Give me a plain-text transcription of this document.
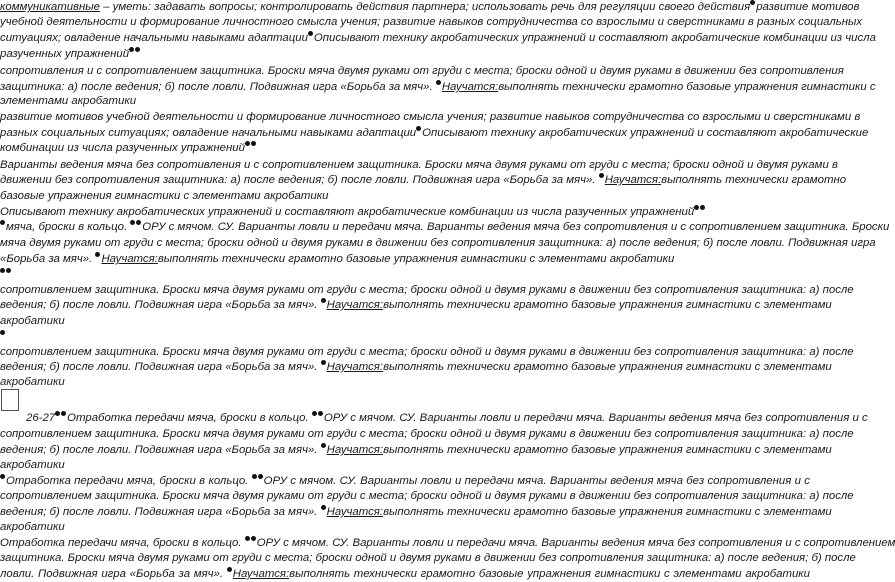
коммуникативные – уметь: задавать вопросы; контролировать действия партнера; использовать речь для регуляции своего действия развитие мотивов
учебной деятельности и формирование личностного смысла учения; развитие навыков сотрудничества со взрослыми и сверстниками в разных социальных
ситуациях; овладение начальными навыками адаптации Описывают технику акробатических упражнений и составляют акробатические комбинации из числа
разученных упражнений
сопротивления и с сопротивлением защитника. Броски мяча двумя руками от груди с места; броски одной и двумя руками в движении без сопротивления
защитника: а) после ведения; б) после ловли. Подвижная игра «Борьба за мяч». Научатся:выполнять технически грамотно базовые упражнения гимнастики с
элементами акробатики
развитие мотивов учебной деятельности и формирование личностного смысла учения; развитие навыков сотрудничества со взрослыми и сверстниками в
разных социальных ситуациях; овладение начальными навыками адаптации Описывают технику акробатических упражнений и составляют акробатические
комбинации из числа разученных упражнений
Варианты ведения мяча без сопротивления и с сопротивлением защитника. Броски мяча двумя руками от груди с места; броски одной и двумя руками в
движении без сопротивления защитника: а) после ведения; б) после ловли. Подвижная игра «Борьба за мяч». Научатся:выполнять технически грамотно
базовые упражнения гимнастики с элементами акробатики
Описывают технику акробатических упражнений и составляют акробатические комбинации из числа разученных упражнений
мяча, броски в кольцо. ОРУ с мячом. СУ. Варианты ловли и передачи мяча. Варианты ведения мяча без сопротивления и с сопротивлением защитника. Броски
мяча двумя руками от груди с места; броски одной и двумя руками в движении без сопротивления защитника: а) после ведения; б) после ловли. Подвижная игра
«Борьба за мяч». Научатся:выполнять технически грамотно базовые упражнения гимнастики с элементами акробатики
сопротивлением защитника. Броски мяча двумя руками от груди с места; броски одной и двумя руками в движении без сопротивления защитника: а) после
ведения; б) после ловли. Подвижная игра «Борьба за мяч». Научатся:выполнять технически грамотно базовые упражнения гимнастики с элементами
акробатики
сопротивлением защитника. Броски мяча двумя руками от груди с места; броски одной и двумя руками в движении без сопротивления защитника: а) после
ведения; б) после ловли. Подвижная игра «Борьба за мяч». Научатся:выполнять технически грамотно базовые упражнения гимнастики с элементами
акробатики
26-27 Отработка передачи мяча, броски в кольцо. ОРУ с мячом. СУ. Варианты ловли и передачи мяча. Варианты ведения мяча без сопротивления и с
сопротивлением защитника. Броски мяча двумя руками от груди с места; броски одной и двумя руками в движении без сопротивления защитника: а) после
ведения; б) после ловли. Подвижная игра «Борьба за мяч». Научатся:выполнять технически грамотно базовые упражнения гимнастики с элементами
акробатики
Отработка передачи мяча, броски в кольцо. ОРУ с мячом. СУ. Варианты ловли и передачи мяча. Варианты ведения мяча без сопротивления и с
сопротивлением защитника. Броски мяча двумя руками от груди с места; броски одной и двумя руками в движении без сопротивления защитника: а) после
ведения; б) после ловли. Подвижная игра «Борьба за мяч». Научатся:выполнять технически грамотно базовые упражнения гимнастики с элементами
акробатики
Отработка передачи мяча, броски в кольцо. ОРУ с мячом. СУ. Варианты ловли и передачи мяча. Варианты ведения мяча без сопротивления и с сопротивлением
защитника. Броски мяча двумя руками от груди с места; броски одной и двумя руками в движении без сопротивления защитника: а) после ведения; б) после
ловли. Подвижная игра «Борьба за мяч». Научатся:выполнять технически грамотно базовые упражнения гимнастики с элементами акробатики
